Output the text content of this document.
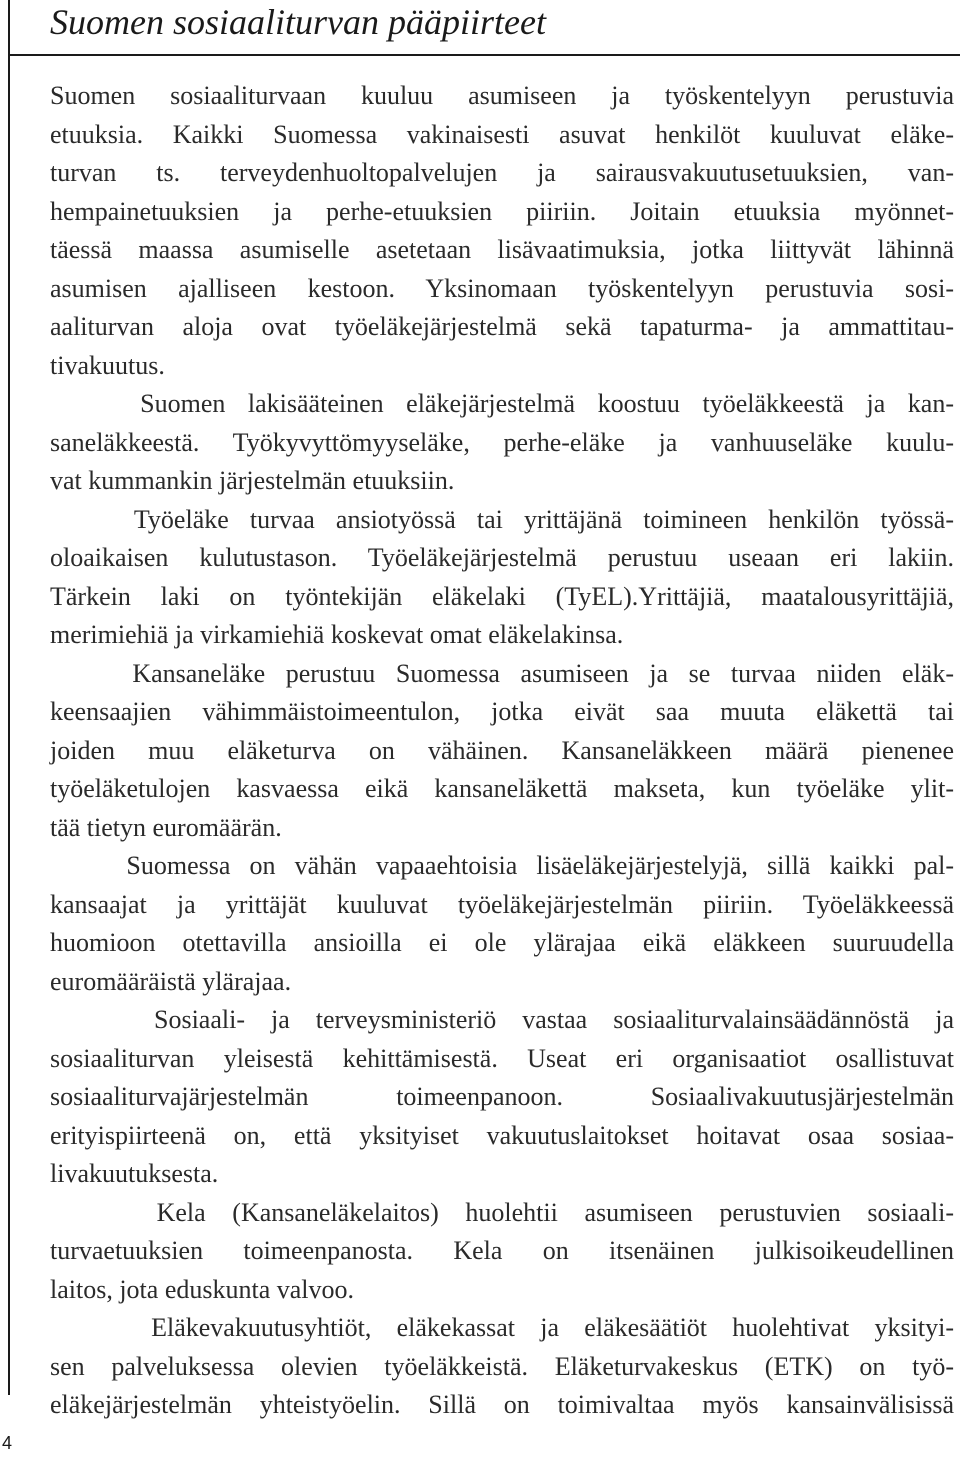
Suomen sosiaaliturvan pääpiirteet
Suomen sosiaaliturvaan kuuluu asumiseen ja työskentelyyn perustuvia
etuuksia. Kaikki Suomessa vakinaisesti asuvat henkilöt kuuluvat eläke-
turvan ts. terveydenhuoltopalvelujen ja sairausvakuutusetuuksien, van-
hempainetuuksien ja perhe-etuuksien piiriin. Joitain etuuksia myönnet-
täessä maassa asumiselle asetetaan lisävaatimuksia, jotka liittyvät lähinnä
asumisen ajalliseen kestoon. Yksinomaan työskentelyyn perustuvia sosi-
aaliturvan aloja ovat työeläkejärjestelmä sekä tapaturma- ja ammattitau-
tivakuutus.
Suomen lakisääteinen eläkejärjestelmä koostuu työeläkkeestä ja kan-
saneläkkeestä. Työkyvyttömyyseläke, perhe-eläke ja vanhuuseläke kuulu-
vat kummankin järjestelmän etuuksiin.
Työeläke turvaa ansiotyössä tai yrittäjänä toimineen henkilön työssä-
oloaikaisen kulutustason. Työeläkejärjestelmä perustuu useaan eri lakiin.
Tärkein laki on työntekijän eläkelaki (TyEL).Yrittäjiä, maatalousyrittäjiä,
merimiehiä ja virkamiehiä koskevat omat eläkelakinsa.
Kansaneläke perustuu Suomessa asumiseen ja se turvaa niiden eläk-
keensaajien vähimmäistoimeentulon, jotka eivät saa muuta eläkettä tai
joiden muu eläketurva on vähäinen. Kansaneläkkeen määrä pienenee
työeläketulojen kasvaessa eikä kansaneläkettä makseta, kun työeläke ylit-
tää tietyn euromäärän.
Suomessa on vähän vapaaehtoisia lisäeläkejärjestelyjä, sillä kaikki pal-
kansaajat ja yrittäjät kuuluvat työeläkejärjestelmän piiriin. Työeläkkeessä
huomioon otettavilla ansioilla ei ole ylärajaa eikä eläkkeen suuruudella
euromääräistä ylärajaa.
Sosiaali- ja terveysministeriö vastaa sosiaaliturvalainsäädännöstä ja
sosiaaliturvan yleisestä kehittämisestä. Useat eri organisaatiot osallistuvat
sosiaaliturvajärjestelmän toimeenpanoon. Sosiaalivakuutusjärjestelmän
erityispiirteenä on, että yksityiset vakuutuslaitokset hoitavat osaa sosiaa-
livakuutuksesta.
Kela (Kansaneläkelaitos) huolehtii asumiseen perustuvien sosiaali-
turvaetuuksien toimeenpanosta. Kela on itsenäinen julkisoikeudellinen
laitos, jota eduskunta valvoo.
Eläkevakuutusyhtiöt, eläkekassat ja eläkesäätiöt huolehtivat yksityi-
sen palveluksessa olevien työeläkkeistä. Eläketurvakeskus (ETK) on työ-
eläkejärjestelmän yhteistyöelin. Sillä on toimivaltaa myös kansainvälisissä
4
